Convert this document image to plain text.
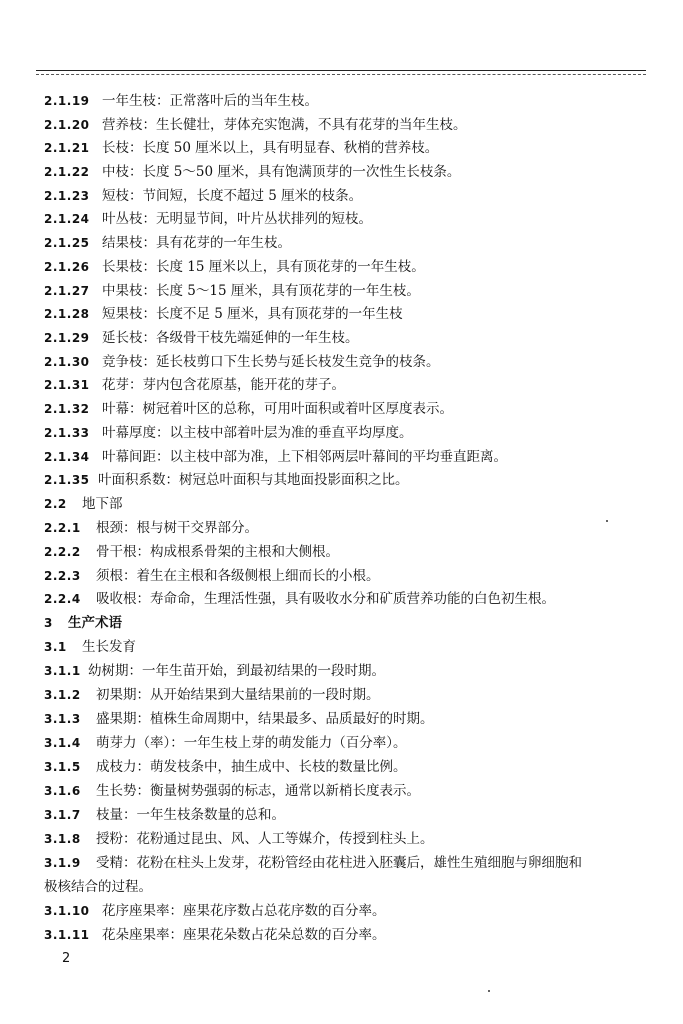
2.1.19 一年生枝：正常落叶后的当年生枝。
2.1.20 营养枝：生长健壮，芽体充实饱满，不具有花芽的当年生枝。
2.1.21 长枝：长度 50 厘米以上，具有明显春、秋梢的营养枝。
2.1.22 中枝：长度 5～50 厘米，具有饱满顶芽的一次性生长枝条。
2.1.23 短枝：节间短，长度不超过 5 厘米的枝条。
2.1.24 叶丛枝：无明显节间，叶片丛状排列的短枝。
2.1.25 结果枝：具有花芽的一年生枝。
2.1.26 长果枝：长度 15 厘米以上，具有顶花芽的一年生枝。
2.1.27 中果枝：长度 5～15 厘米，具有顶花芽的一年生枝。
2.1.28 短果枝：长度不足 5 厘米，具有顶花芽的一年生枝
2.1.29 延长枝：各级骨干枝先端延伸的一年生枝。
2.1.30 竞争枝：延长枝剪口下生长势与延长枝发生竞争的枝条。
2.1.31 花芽：芽内包含花原基，能开花的芽子。
2.1.32 叶幕：树冠着叶区的总称，可用叶面积或着叶区厚度表示。
2.1.33 叶幕厚度：以主枝中部着叶层为准的垂直平均厚度。
2.1.34 叶幕间距：以主枝中部为准，上下相邻两层叶幕间的平均垂直距离。
2.1.35 叶面积系数：树冠总叶面积与其地面投影面积之比。
2.2 地下部
2.2.1 根颈：根与树干交界部分。
2.2.2 骨干根：构成根系骨架的主根和大侧根。
2.2.3 须根：着生在主根和各级侧根上细而长的小根。
2.2.4 吸收根：寿命命，生理活性强，具有吸收水分和矿质营养功能的白色初生根。
3 生产术语
3.1 生长发育
3.1.1 幼树期：一年生苗开始，到最初结果的一段时期。
3.1.2 初果期：从开始结果到大量结果前的一段时期。
3.1.3 盛果期：植株生命周期中，结果最多、品质最好的时期。
3.1.4 萌芽力（率）：一年生枝上芽的萌发能力（百分率）。
3.1.5 成枝力：萌发枝条中，抽生成中、长枝的数量比例。
3.1.6 生长势：衡量树势强弱的标志，通常以新梢长度表示。
3.1.7 枝量：一年生枝条数量的总和。
3.1.8 授粉：花粉通过昆虫、风、人工等媒介，传授到柱头上。
3.1.9 受精：花粉在柱头上发芽，花粉管经由花柱进入胚囊后，雄性生殖细胞与卵细胞和
极核结合的过程。
3.1.10 花序座果率：座果花序数占总花序数的百分率。
3.1.11 花朵座果率：座果花朵数占花朵总数的百分率。
2
